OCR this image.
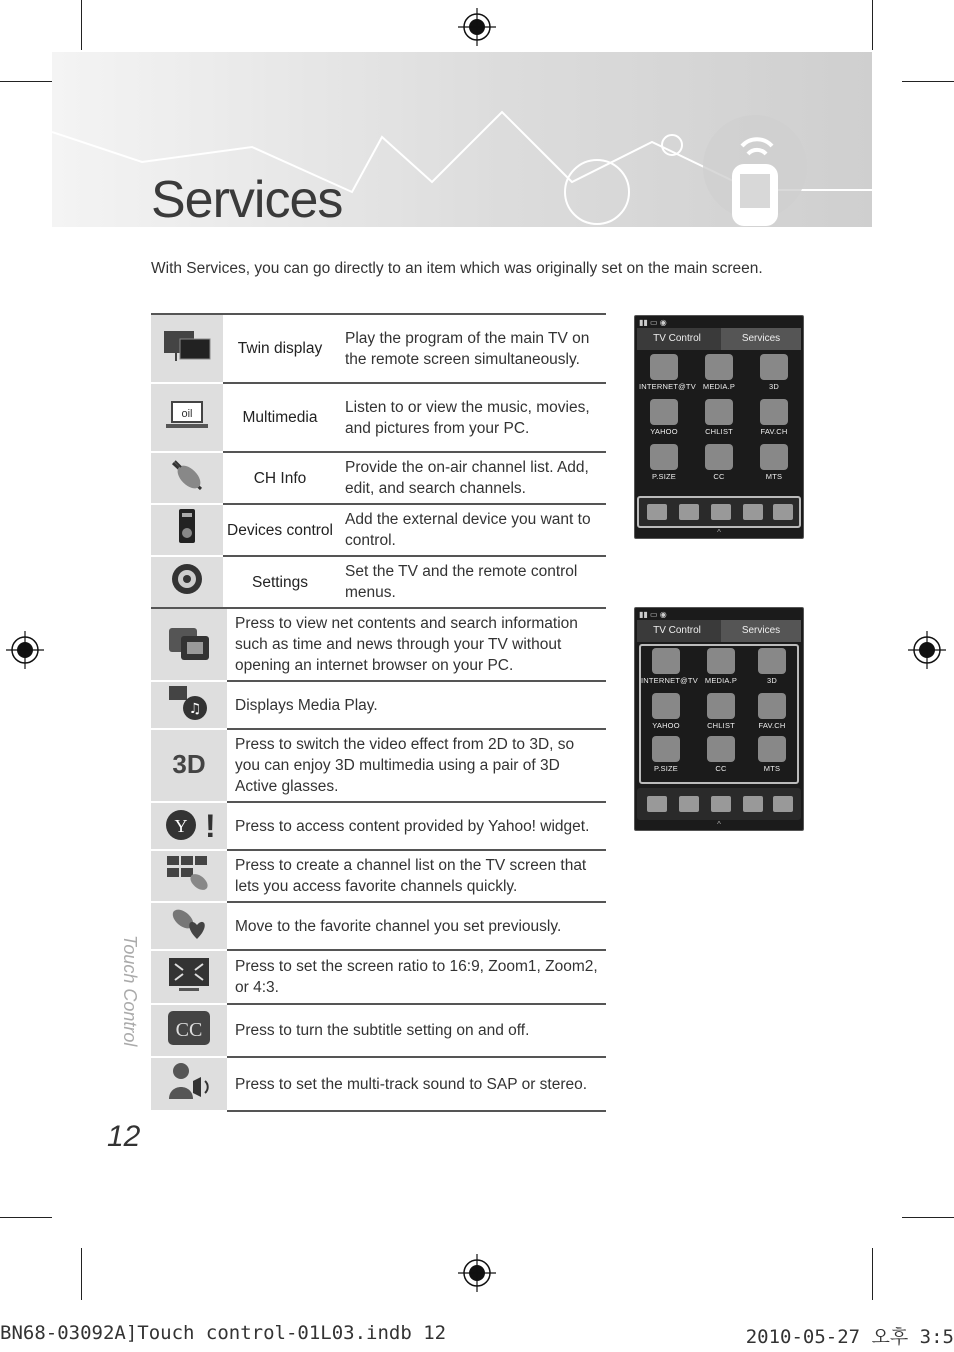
Services
With Services, you can go directly to an item which was originally set on the main screen.
	Twin display	Play the program of the main TV on the remote screen simultaneously.

oil	Multimedia	Listen to or view the music, movies, and pictures from your PC.
	CH Info	Provide the on-air channel list. Add, edit, and search channels.
	Devices control	Add the external device you want to control.
	Settings	Set the TV and the remote control menus.
	Press to view net contents and search information such as time and news through your TV without opening an internet browser on your PC.

♫	Displays Media Play.

3D	Press to switch the video effect from 2D to 3D, so you can enjoy 3D multimedia using a pair of 3D Active glasses.

Y !	Press to access content provided by Yahoo! widget.
	Press to create a channel list on the TV screen that lets you access favorite channels quickly.
	Move to the favorite channel you set previously.
	Press to set the screen ratio to 16:9, Zoom1, Zoom2, or 4:3.

CC	Press to turn the subtitle setting on and off.
	Press to set the multi-track sound to SAP or stereo.
▮▮ ▭ ◉
TV Control	Services
INTERNET@TV MEDIA.P	3D
YAHOO	CHLIST	FAV.CH
P.SIZE	CC	MTS
^
▮▮ ▭ ◉
TV Control	Services
INTERNET@TV MEDIA.P	3D
YAHOO	CHLIST	FAV.CH
P.SIZE	CC	MTS
^
Touch Control
12
BN68-03092A]Touch control-01L03.indb 12	2010-05-27 오후 3:5
